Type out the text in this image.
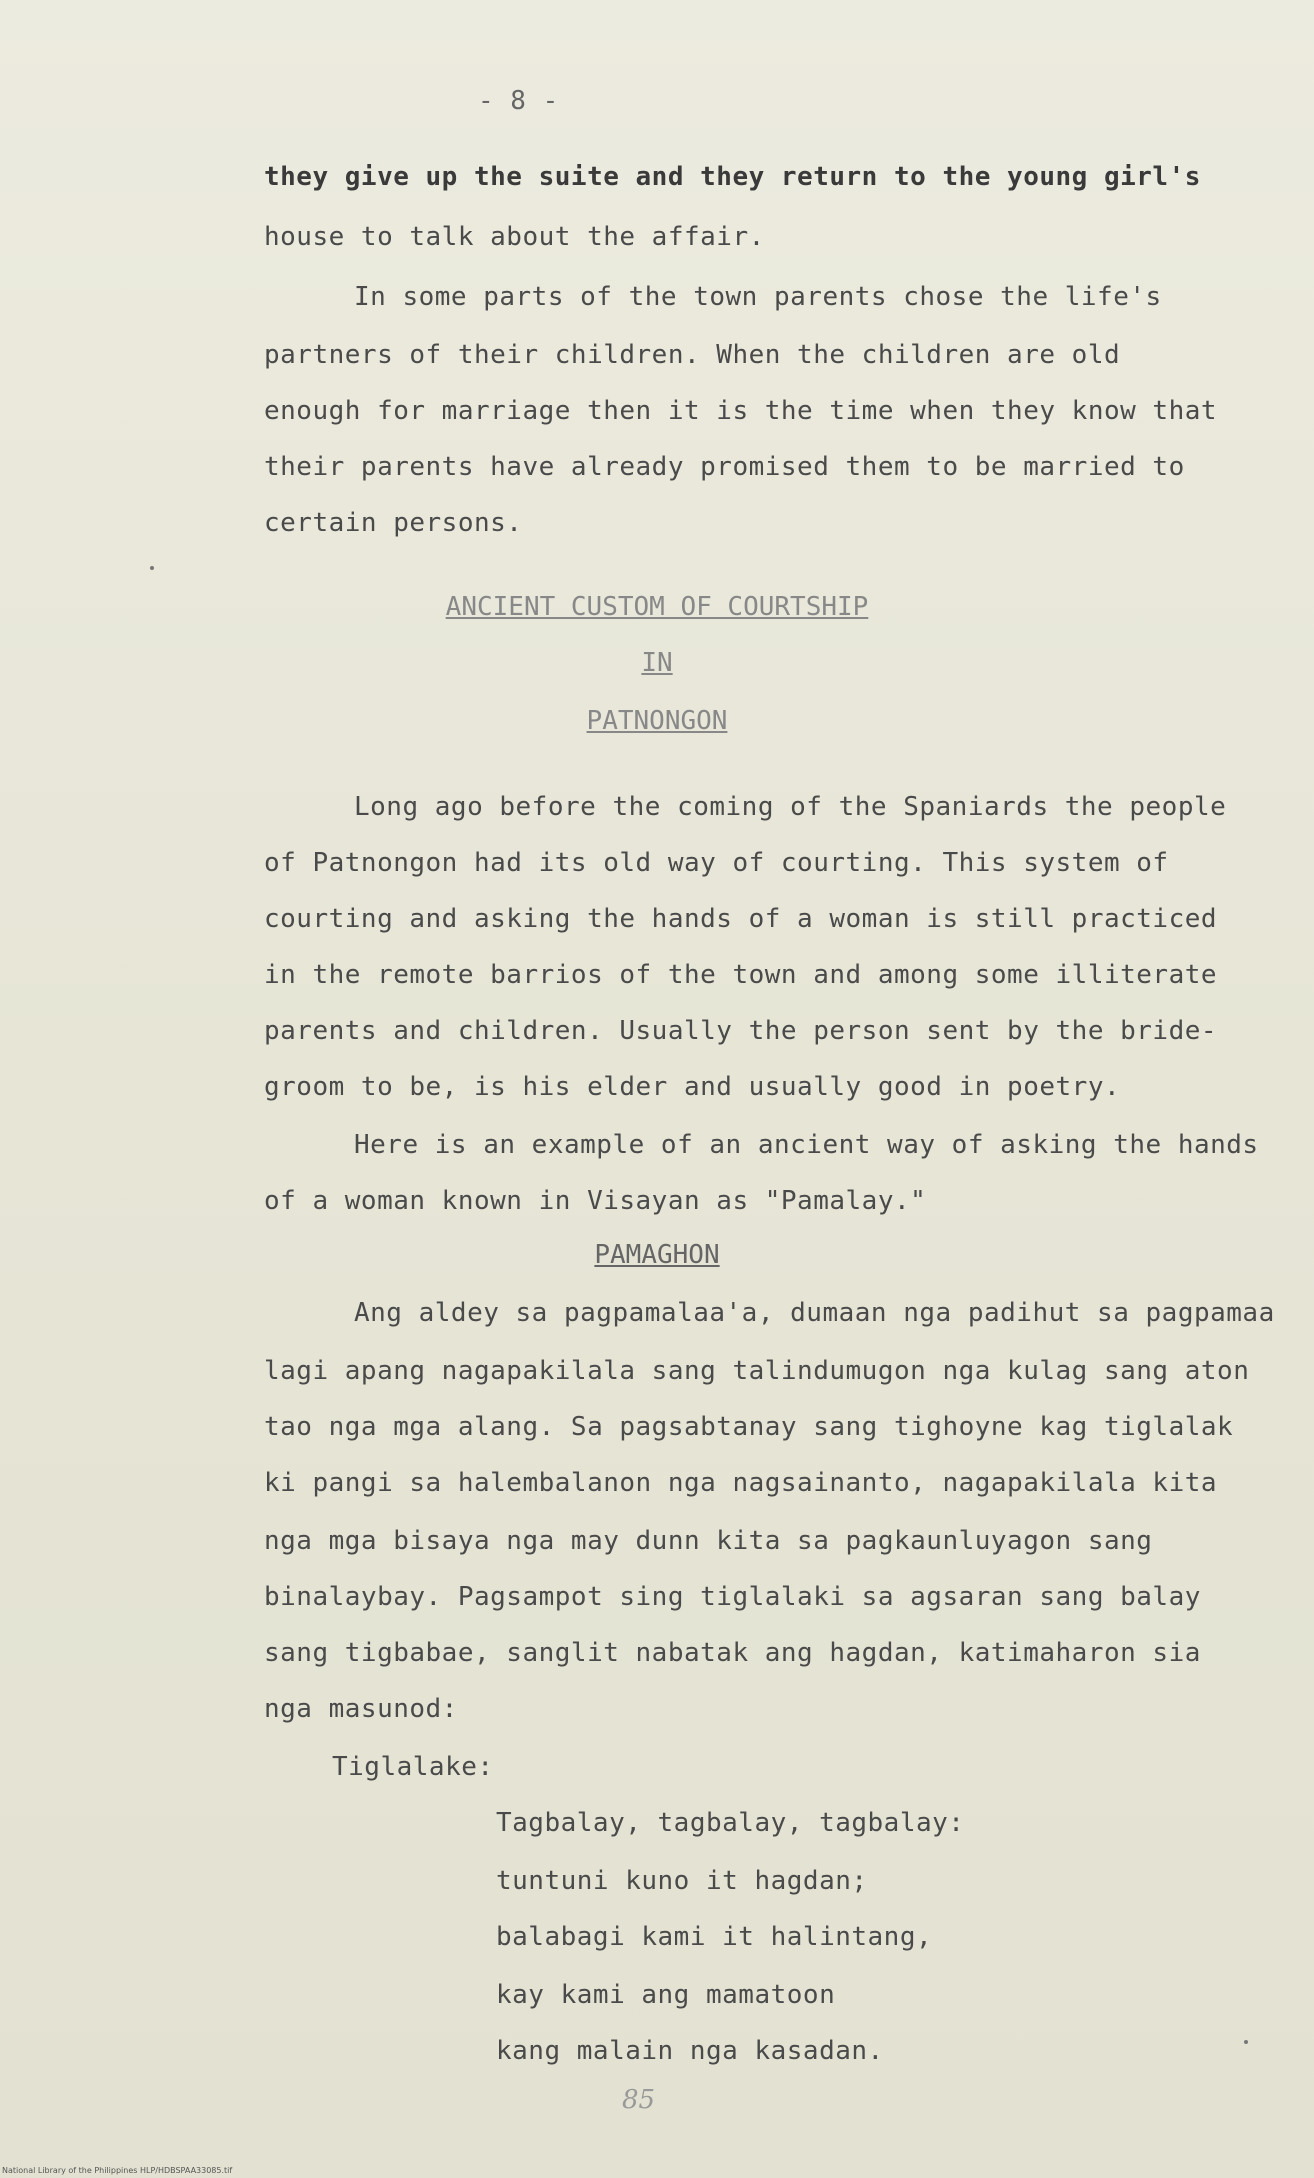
- 8 -
they give up the suite and they return to the young girl's
house to talk about the affair.
In some parts of the town parents chose the life's
partners of their children. When the children are old
enough for marriage then it is the time when they know that
their parents have already promised them to be married to
certain persons.
ANCIENT CUSTOM OF COURTSHIP
IN
PATNONGON
Long ago before the coming of the Spaniards the people
of Patnongon had its old way of courting. This system of
courting and asking the hands of a woman is still practiced
in the remote barrios of the town and among some illiterate
parents and children. Usually the person sent by the bride-
groom to be, is his elder and usually good in poetry.
Here is an example of an ancient way of asking the hands
of a woman known in Visayan as "Pamalay."
PAMAGHON
Ang aldey sa pagpamalaa'a, dumaan nga padihut sa pagpamaa
lagi apang nagapakilala sang talindumugon nga kulag sang aton
tao nga mga alang. Sa pagsabtanay sang tighoyne kag tiglalak
ki pangi sa halembalanon nga nagsainanto, nagapakilala kita
nga mga bisaya nga may dunn kita sa pagkaunluyagon sang
binalaybay. Pagsampot sing tiglalaki sa agsaran sang balay
sang tigbabae, sanglit nabatak ang hagdan, katimaharon sia
nga masunod:
Tiglalake:
Tagbalay, tagbalay, tagbalay:
tuntuni kuno it hagdan;
balabagi kami it halintang,
kay kami ang mamatoon
kang malain nga kasadan.
85
National Library of the Philippines HLP/HDBSPAA33085.tif
